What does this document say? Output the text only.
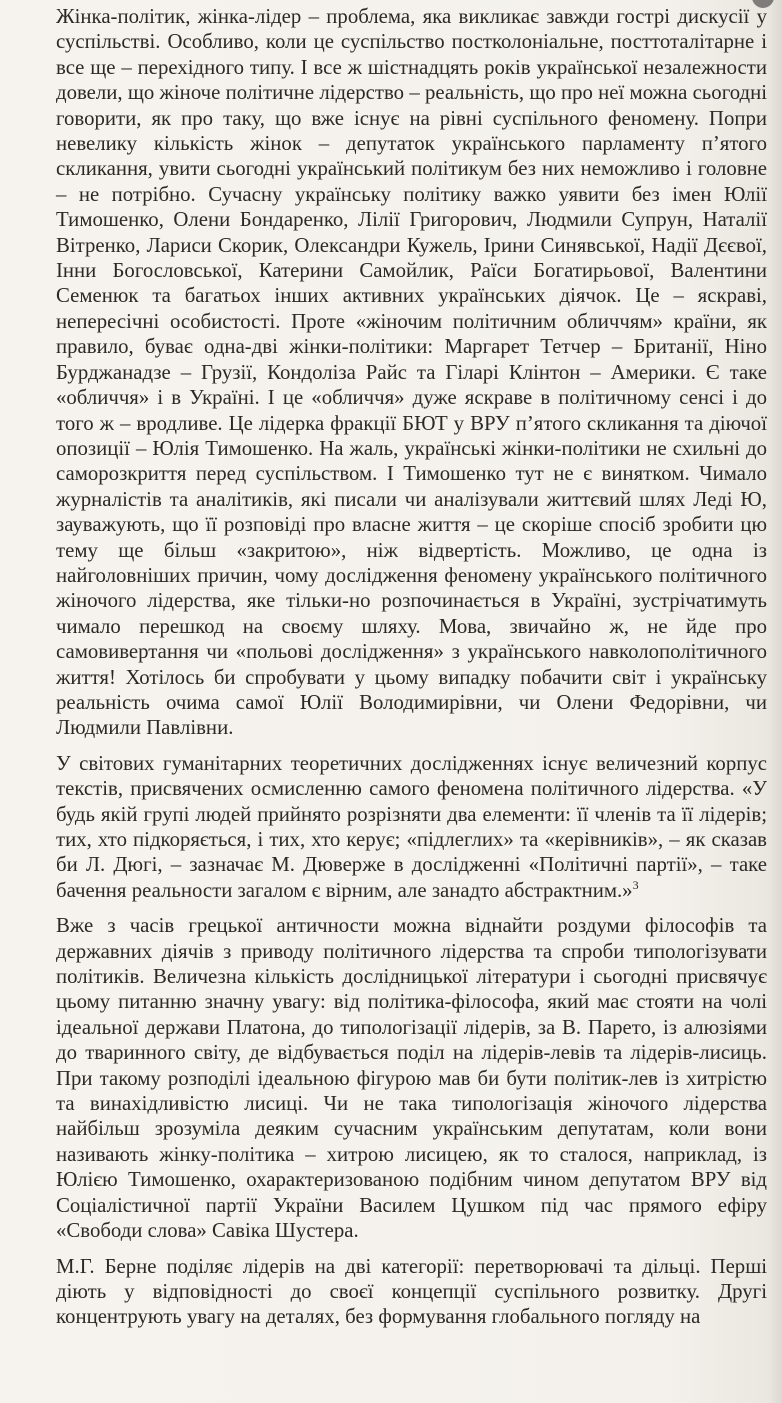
Жінка-політик, жінка-лідер – проблема, яка викликає завжди гострі дискусії у суспільстві. Особливо, коли це суспільство постколоніальне, посттоталітарне і все ще – перехідного типу. І все ж шістнадцять років української незалежности довели, що жіноче політичне лідерство – реальність, що про неї можна сьогодні говорити, як про таку, що вже існує на рівні суспільного феномену. Попри невелику кількість жінок – депутаток українського парламенту п’ятого скликання, увити сьогодні український політикум без них неможливо і головне – не потрібно. Сучасну українську політику важко уявити без імен Юлії Тимошенко, Олени Бондаренко, Лілії Григорович, Людмили Супрун, Наталії Вітренко, Лариси Скорик, Олександри Кужель, Ірини Синявської, Надії Дєєвої, Інни Богословської, Катерини Самойлик, Раїси Богатирьової, Валентини Семенюк та багатьох інших активних українських діячок. Це – яскраві, непересічні особистості. Проте «жіночим політичним обличчям» країни, як правило, буває одна-дві жінки-політики: Маргарет Тетчер – Британії, Ніно Бурджанадзе – Грузії, Кондоліза Райс та Гіларі Клінтон – Америки. Є таке «обличчя» і в Україні. І це «обличчя» дуже яскраве в політичному сенсі і до того ж – вродливе. Це лідерка фракції БЮТ у ВРУ п’ятого скликання та діючої опозиції – Юлія Тимошенко. На жаль, українські жінки-політики не схильні до саморозкриття перед суспільством. І Тимошенко тут не є винятком. Чимало журналістів та аналітиків, які писали чи аналізували життєвий шлях Леді Ю, зауважують, що її розповіді про власне життя – це скоріше спосіб зробити цю тему ще більш «закритою», ніж відвертість. Можливо, це одна із найголовніших причин, чому дослідження феномену українського політичного жіночого лідерства, яке тільки-но розпочинається в Україні, зустрічатимуть чимало перешкод на своєму шляху. Мова, звичайно ж, не йде про самовивертання чи «польові дослідження» з українського навколополітичного життя! Хотілось би спробувати у цьому випадку побачити світ і українську реальність очима самої Юлії Володимирівни, чи Олени Федорівни, чи Людмили Павлівни.

У світових гуманітарних теоретичних дослідженнях існує величезний корпус текстів, присвячених осмисленню самого феномена політичного лідерства. «У будь якій групі людей прийнято розрізняти два елементи: її членів та її лідерів; тих, хто підкоряється, і тих, хто керує; «підлеглих» та «керівників», – як сказав би Л. Дюгі, – зазначає М. Дюверже в дослідженні «Політичні партії», – таке бачення реальности загалом є вірним, але занадто абстрактним.»$^3$

Вже з часів грецької античности можна віднайти роздуми філософів та державних діячів з приводу політичного лідерства та спроби типологізувати політиків. Величезна кількість дослідницької літератури і сьогодні присвячує цьому питанню значну увагу: від політика-філософа, який має стояти на чолі ідеальної держави Платона, до типологізації лідерів, за В. Парето, із алюзіями до тваринного світу, де відбувається поділ на лідерів-левів та лідерів-лисиць. При такому розподілі ідеальною фігурою мав би бути політик-лев із хитрістю та винахідливістю лисиці. Чи не така типологізація жіночого лідерства найбільш зрозуміла деяким сучасним українським депутатам, коли вони називають жінку-політика – хитрою лисицею, як то сталося, наприклад, із Юлією Тимошенко, охарактеризованою подібним чином депутатом ВРУ від Соціалістичної партії України Василем Цушком під час прямого ефіру «Свободи слова» Савіка Шустера.

М.Г. Берне поділяє лідерів на дві категорії: перетворювачі та дільці. Перші діють у відповідності до своєї концепції суспільного розвитку. Другі концентрують увагу на деталях, без формування глобального погляду на
